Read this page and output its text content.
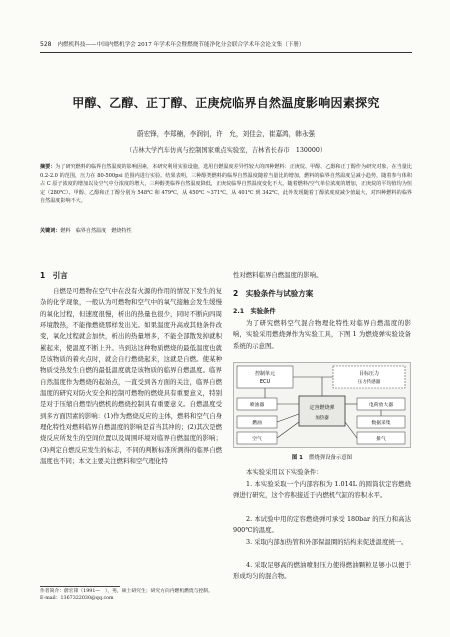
528 内燃机科技——中国内燃机学会 2017 年学术年会暨燃烧节能净化分会联合学术年会论文集（下册）
甲醇、乙醇、正丁醇、正庚烷临界自然温度影响因素探究
蔚宏锋，李郑楠，李润钊，许　允，刘佳会，崔嘉鸿，韩永强
（吉林大学汽车仿真与控制国家重点实验室，吉林省长春市　130000）
摘要：为了研究燃料的临界自然温度的影响因素，本研究利用实验设施，选用自燃温度差异性较大的四种燃料：正庚烷、甲醇、乙醇和正丁醇作为研究对象，在当量比 0.2-2.0 的范围，压力在 80-500psi 范围内进行实验。结果表明，三种醇类燃料的临界自然温度随着当量比的增加，燃料的临界自然温度呈减小趋势，随着参与体积占 C 原子浓度的增加以及空气中分浓度的增大，三种醇类临界自然温度降低，正庚烷临界自然温度变化不大。随着燃料/空气单位浓度的增加，正庚烷的平均值均为恒定（280℃）、甲醇、乙醇和正丁醇分别为 548℃ 和 479℃，从 450℃ ~371℃，从 401℃ 到 342℃，此外发现随着丁醇浓度度减少值最大，对四种燃料的临界自然温度影响不大。
关键词：燃料　临界自然温度　燃烧特性
1　引言
自燃是可燃物在空气中在没有火源的作用的情况下发生的复杂的化学现象，一般认为可燃物和空气中的氧气接触会发生缓慢的氧化过程，但速度很慢，析出的热量也很少，同时不断向四周环境散热，不能像燃烧那样发出光。如果温度升高或其他条件改变，氧化过程就会加快，析出的热量增多，不能全部散发掉就积累起来，使温度不断上升。当到达这种物质燃烧的最低温度也就是该物质的着火点时，就会自行燃烧起来，这就是自燃。使某种物质受热发生自燃的最低温度就是该物质的临界自燃温度。临界自然温度作为燃烧的起始点，一直受到各方面的关注，临界自燃温度的研究对防火安全和控制可燃物的燃烧具有重要意义，特别是对于压缩自燃型内燃机的燃烧控制具有重要意义。自燃温度受到多方面因素的影响：(1)作为燃烧反应的主体，燃料和空气自身理化特性对燃料临界自燃温度的影响是首当其冲的；(2)其次是燃烧反应所发生的空间位置以及周围环境对临界自燃温度的影响；(3)判定自燃反应发生的标志，不同的判断标准所测得的临界自燃温度也不同；本文主要关注燃料和空气理化特
性对燃料临界自燃温度的影响。
2　实验条件与试验方案
2.1　实验条件
为了研究燃料空气混合物理化特性对临界自燃温度的影响，实验采用燃烧弹作为实验工具，下图 1 为燃烧弹实验设备系统的示意图。
控制单元
ECU
目标压力
压力传感器
定容燃烧弹
加热器
喷油器
燃油
空气
电荷放大器
数据采集
排气
图 1 燃烧弹设备示意图
本实验采用以下实验条件：
1. 本实验采取一个内部容积为 1.014L 的圆筒状定容燃烧弹进行研究，这个容积接近于内燃机气缸的容积水平。
2. 本试验中用的定容燃烧弹可承受 180bar 的压力和高达 900℃的温度。
3. 采取内部加热管和外部保温圈的结构来促进温度统一。
4. 采取足够高的燃油喷射压力使得燃油颗粒足够小以便于形成均匀的混合物。
作者简介：蔚宏锋（1991—　），男，硕士研究生；研究方向内燃机燃烧与控制。
E-mail：1367322030@qq.com
